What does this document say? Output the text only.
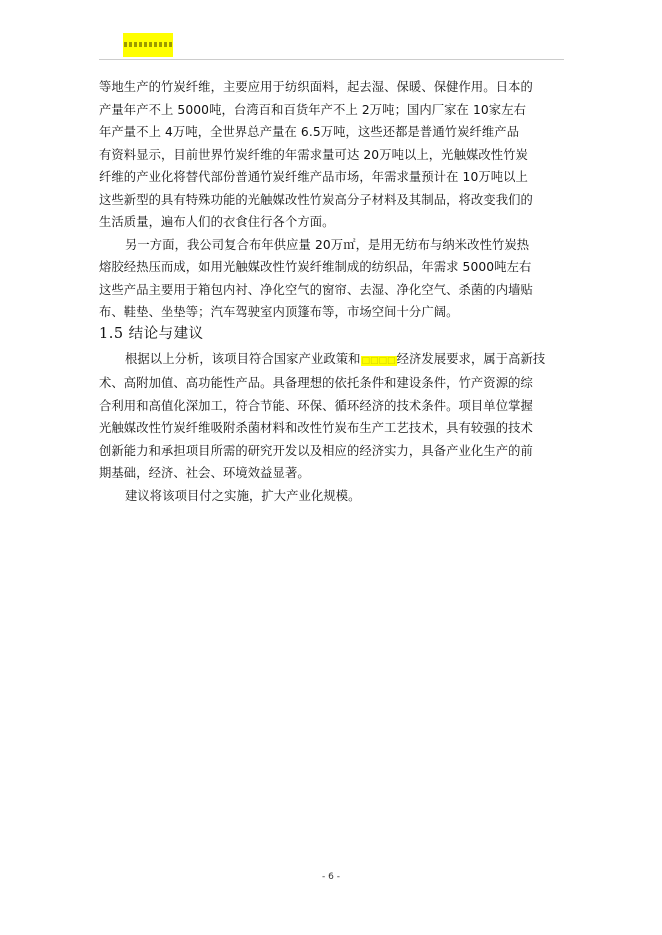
等地生产的竹炭纤维，主要应用于纺织面料，起去湿、保暖、保健作用。日本的
产量年产不上 5000吨，台湾百和百货年产不上 2万吨；国内厂家在 10家左右
年产量不上 4万吨，全世界总产量在 6.5万吨，这些还都是普通竹炭纤维产品
有资料显示，目前世界竹炭纤维的年需求量可达 20万吨以上，光触媒改性竹炭
纤维的产业化将替代部份普通竹炭纤维产品市场，年需求量预计在 10万吨以上
这些新型的具有特殊功能的光触媒改性竹炭高分子材料及其制品，将改变我们的
生活质量，遍布人们的衣食住行各个方面。
另一方面，我公司复合布年供应量 20万㎡，是用无纺布与纳米改性竹炭热
熔胶经热压而成，如用光触媒改性竹炭纤维制成的纺织品，年需求 5000吨左右
这些产品主要用于箱包内衬、净化空气的窗帘、去湿、净化空气、杀菌的内墙贴
布、鞋垫、坐垫等；汽车驾驶室内顶篷布等，市场空间十分广阔。
1.5 结论与建议
根据以上分析，该项目符合国家产业政策和□□□□经济发展要求，属于高新技
术、高附加值、高功能性产品。具备理想的依托条件和建设条件，竹产资源的综
合利用和高值化深加工，符合节能、环保、循环经济的技术条件。项目单位掌握
光触媒改性竹炭纤维吸附杀菌材料和改性竹炭布生产工艺技术，具有较强的技术
创新能力和承担项目所需的研究开发以及相应的经济实力，具备产业化生产的前
期基础，经济、社会、环境效益显著。
建议将该项目付之实施，扩大产业化规模。
- 6 -
